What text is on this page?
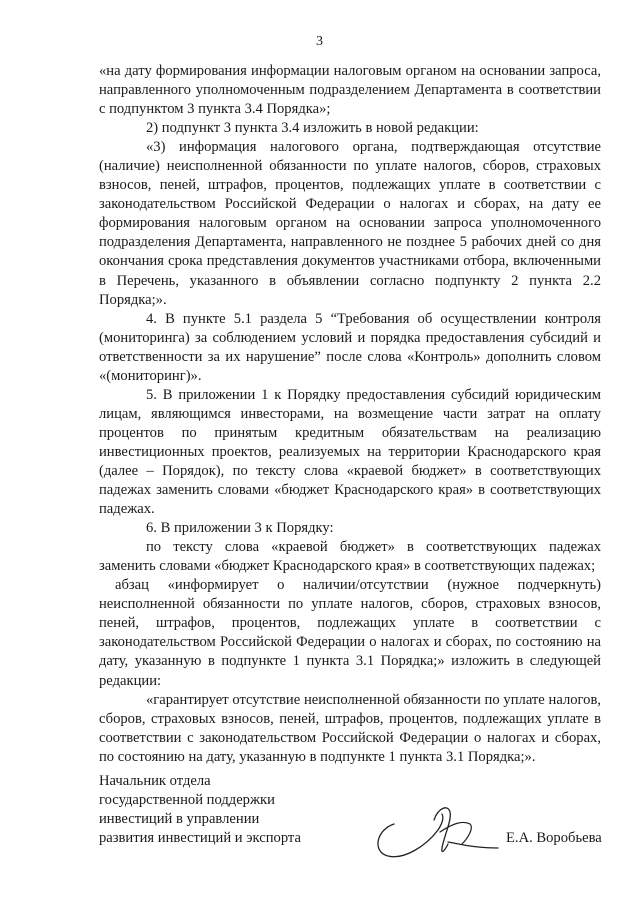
3

«на дату формирования информации налоговым органом на основании запроса, направленного уполномоченным подразделением Департамента в соответствии с подпунктом 3 пункта 3.4 Порядка»;

2) подпункт 3 пункта 3.4 изложить в новой редакции:

«3) информация налогового органа, подтверждающая отсутствие (наличие) неисполненной обязанности по уплате налогов, сборов, страховых взносов, пеней, штрафов, процентов, подлежащих уплате в соответствии с законодательством Российской Федерации о налогах и сборах, на дату ее формирования налоговым органом на основании запроса уполномоченного подразделения Департамента, направленного не позднее 5 рабочих дней со дня окончания срока представления документов участниками отбора, включенными в Перечень, указанного в объявлении согласно подпункту 2 пункта 2.2 Порядка;».

4. В пункте 5.1 раздела 5 “Требования об осуществлении контроля (мониторинга) за соблюдением условий и порядка предоставления субсидий и ответственности за их нарушение” после слова «Контроль» дополнить словом «(мониторинг)».

5. В приложении 1 к Порядку предоставления субсидий юридическим лицам, являющимся инвесторами, на возмещение части затрат на оплату процентов по принятым кредитным обязательствам на реализацию инвестиционных проектов, реализуемых на территории Краснодарского края (далее – Порядок), по тексту слова «краевой бюджет» в соответствующих падежах заменить словами «бюджет Краснодарского края» в соответствующих падежах.

6. В приложении 3 к Порядку:

по тексту слова «краевой бюджет» в соответствующих падежах заменить словами «бюджет Краснодарского края» в соответствующих падежах;

абзац «информирует о наличии/отсутствии (нужное подчеркнуть) неисполненной обязанности по уплате налогов, сборов, страховых взносов, пеней, штрафов, процентов, подлежащих уплате в соответствии с законодательством Российской Федерации о налогах и сборах, по состоянию на дату, указанную в подпункте 1 пункта 3.1 Порядка;» изложить в следующей редакции:

«гарантирует отсутствие неисполненной обязанности по уплате налогов, сборов, страховых взносов, пеней, штрафов, процентов, подлежащих уплате в соответствии с законодательством Российской Федерации о налогах и сборах, по состоянию на дату, указанную в подпункте 1 пункта 3.1 Порядка;».

Начальник отдела
государственной поддержки
инвестиций в управлении
развития инвестиций и экспорта	Е.А. Воробьева
